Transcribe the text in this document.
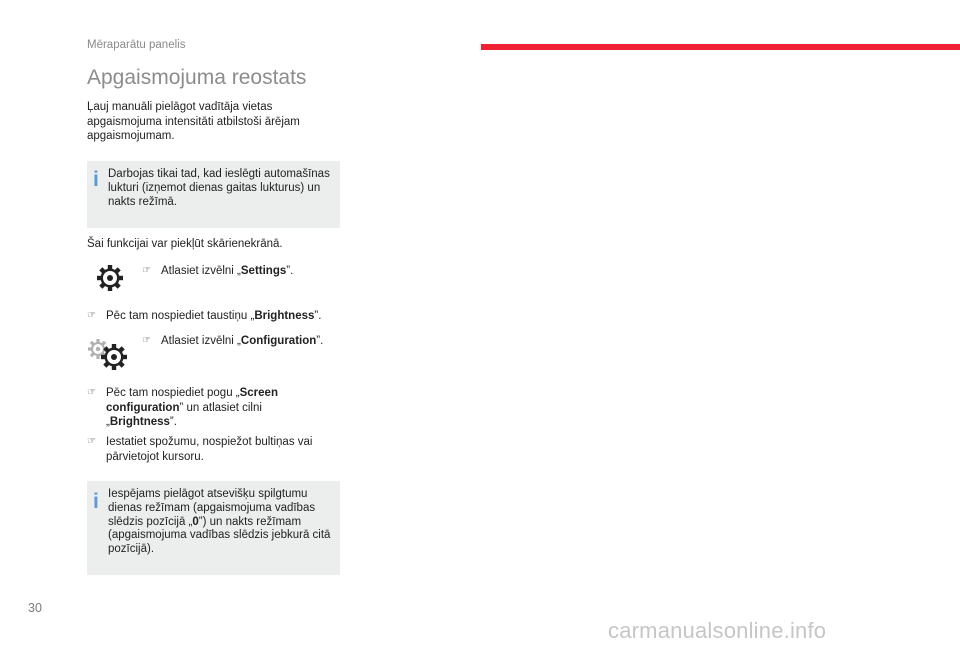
Mēraparātu panelis
Apgaismojuma reostats
Ļauj manuāli pielāgot vadītāja vietas apgaismojuma intensitāti atbilstoši ārējam apgaismojumam.
i Darbojas tikai tad, kad ieslēgti automašīnas lukturi (izņemot dienas gaitas lukturus) un nakts režīmā.
Šai funkcijai var piekļūt skārienekrānā.
☞ Atlasiet izvēlni „Settings”.
☞ Pēc tam nospiediet taustiņu „Brightness”.
☞ Atlasiet izvēlni „Configuration”.
☞ Pēc tam nospiediet pogu „Screen configuration” un atlasiet cilni „Brightness”.
☞ Iestatiet spožumu, nospiežot bultiņas vai pārvietojot kursoru.
i Iespējams pielāgot atsevišķu spilgtumu dienas režīmam (apgaismojuma vadības slēdzis pozīcijā „0”) un nakts režīmam (apgaismojuma vadības slēdzis jebkurā citā pozīcijā).
30
carmanualsonline.info
